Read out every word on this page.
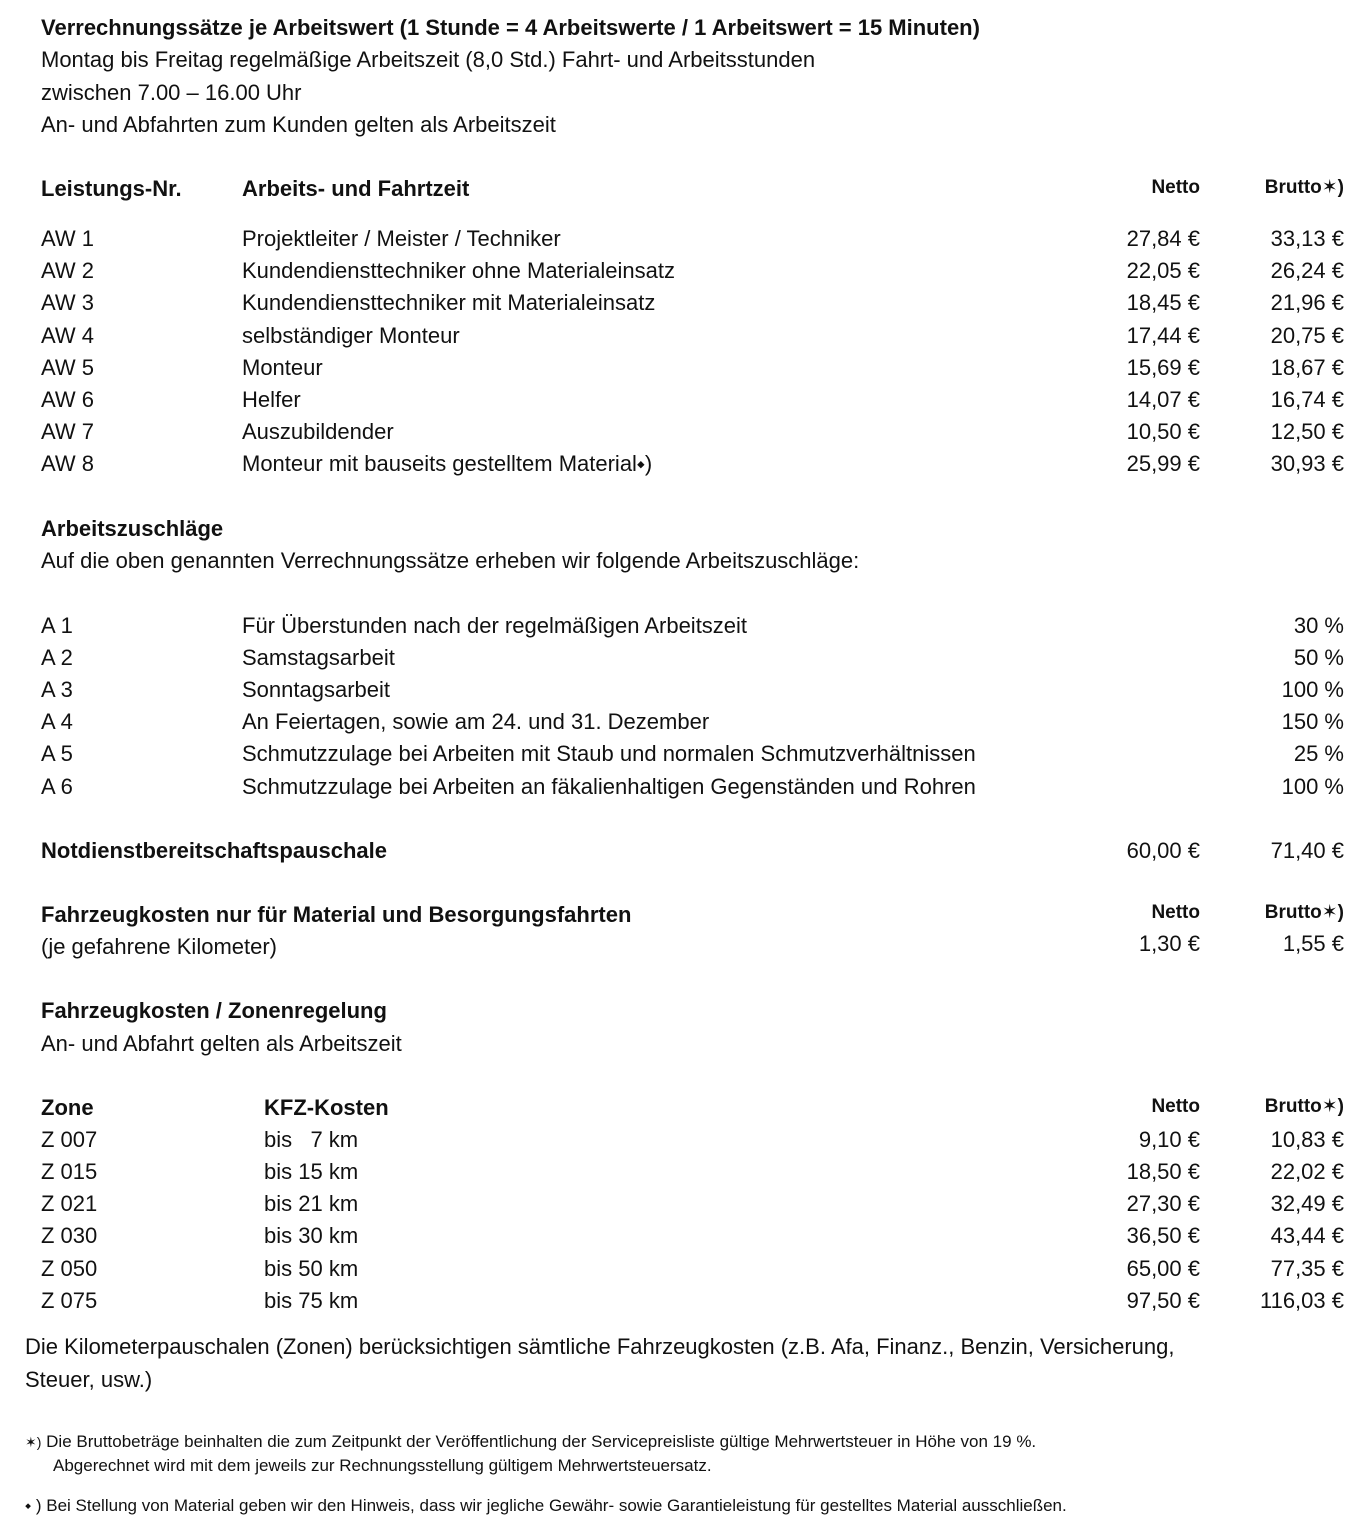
Verrechnungssätze je Arbeitswert (1 Stunde = 4 Arbeitswerte / 1 Arbeitswert = 15 Minuten)
Montag bis Freitag regelmäßige Arbeitszeit (8,0 Std.) Fahrt- und Arbeitsstunden
zwischen 7.00 – 16.00 Uhr
An- und Abfahrten zum Kunden gelten als Arbeitszeit
Leistungs-Nr.	Arbeits- und Fahrtzeit	Netto	Brutto✶)
AW 1	Projektleiter / Meister / Techniker	27,84 €	33,13 €
AW 2	Kundendiensttechniker ohne Materialeinsatz	22,05 €	26,24 €
AW 3	Kundendiensttechniker mit Materialeinsatz	18,45 €	21,96 €
AW 4	selbständiger Monteur	17,44 €	20,75 €
AW 5	Monteur	15,69 €	18,67 €
AW 6	Helfer	14,07 €	16,74 €
AW 7	Auszubildender	10,50 €	12,50 €
AW 8	Monteur mit bauseits gestelltem Material⬩)	25,99 €	30,93 €
Arbeitszuschläge
Auf die oben genannten Verrechnungssätze erheben wir folgende Arbeitszuschläge:
A 1	Für Überstunden nach der regelmäßigen Arbeitszeit	30 %
A 2	Samstagsarbeit	50 %
A 3	Sonntagsarbeit	100 %
A 4	An Feiertagen, sowie am 24. und 31. Dezember	150 %
A 5	Schmutzzulage bei Arbeiten mit Staub und normalen Schmutzverhältnissen	25 %
A 6	Schmutzzulage bei Arbeiten an fäkalienhaltigen Gegenständen und Rohren	100 %
Notdienstbereitschaftspauschale	60,00 €	71,40 €
Fahrzeugkosten nur für Material und Besorgungsfahrten	Netto	Brutto✶)
(je gefahrene Kilometer)	1,30 €	1,55 €
Fahrzeugkosten / Zonenregelung
An- und Abfahrt gelten als Arbeitszeit
Zone	KFZ-Kosten	Netto	Brutto✶)
Z 007	bis   7 km	9,10 €	10,83 €
Z 015	bis 15 km	18,50 €	22,02 €
Z 021	bis 21 km	27,30 €	32,49 €
Z 030	bis 30 km	36,50 €	43,44 €
Z 050	bis 50 km	65,00 €	77,35 €
Z 075	bis 75 km	97,50 €	116,03 €
Die Kilometerpauschalen (Zonen) berücksichtigen sämtliche Fahrzeugkosten (z.B. Afa, Finanz., Benzin, Versicherung,
Steuer, usw.)
✶) Die Bruttobeträge beinhalten die zum Zeitpunkt der Veröffentlichung der Servicepreisliste gültige Mehrwertsteuer in Höhe von 19 %.
Abgerechnet wird mit dem jeweils zur Rechnungsstellung gültigem Mehrwertsteuersatz.
⬩ ) Bei Stellung von Material geben wir den Hinweis, dass wir jegliche Gewähr- sowie Garantieleistung für gestelltes Material ausschließen.
